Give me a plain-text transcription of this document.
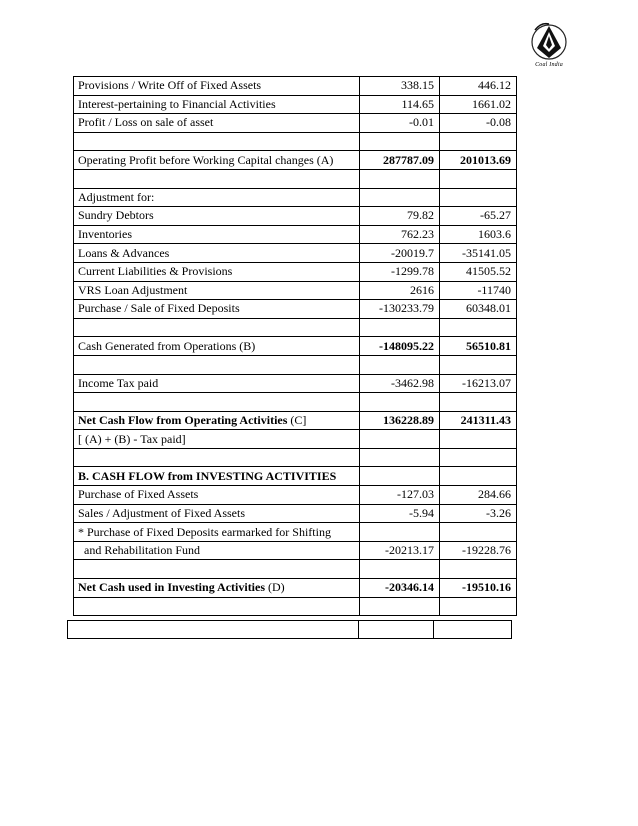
Coal India
Provisions / Write Off of Fixed Assets	338.15	446.12
Interest-pertaining to Financial Activities	114.65	1661.02
Profit / Loss on sale of asset	-0.01	-0.08

Operating Profit before Working Capital changes (A)	287787.09	201013.69

Adjustment for:		
Sundry Debtors	79.82	-65.27
Inventories	762.23	1603.6
Loans & Advances	-20019.7	-35141.05
Current Liabilities & Provisions	-1299.78	41505.52
VRS Loan Adjustment	2616	-11740
Purchase / Sale of Fixed Deposits	-130233.79	60348.01

Cash Generated from Operations (B)	-148095.22	56510.81

Income Tax paid	-3462.98	-16213.07

Net Cash Flow from Operating Activities (C]	136228.89	241311.43
[ (A) + (B) - Tax paid]		

B. CASH FLOW from INVESTING ACTIVITIES		
Purchase of Fixed Assets	-127.03	284.66
Sales / Adjustment of Fixed Assets	-5.94	-3.26
* Purchase of Fixed Deposits earmarked for Shifting		
and Rehabilitation Fund	-20213.17	-19228.76

Net Cash used in Investing Activities (D)	-20346.14	-19510.16
